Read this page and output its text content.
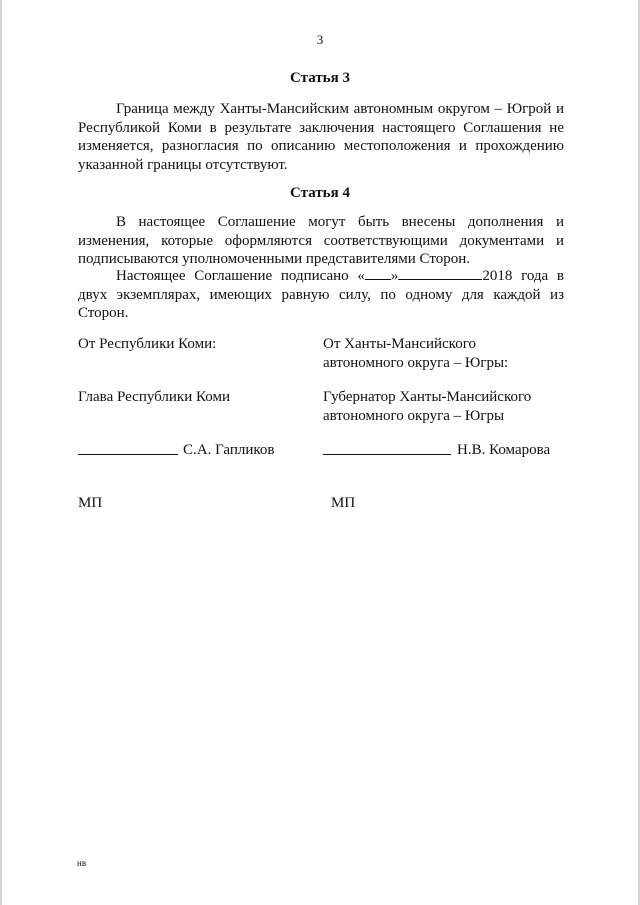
3
Статья 3

Граница между Ханты-Мансийским автономным округом – Югрой и Республикой Коми в результате заключения настоящего Соглашения не изменяется, разногласия по описанию местоположения и прохождению указанной границы отсутствуют.

Статья 4

В настоящее Соглашение могут быть внесены дополнения и изменения, которые оформляются соответствующими документами и подписываются уполномоченными представителями Сторон.

Настоящее Соглашение подписано « »	2018 года в двух экземплярах, имеющих равную силу, по одному для каждой из Сторон.

От Республики Коми:
Глава Республики Коми
С.А. Гапликов
МП
От Ханты-Мансийского
автономного округа – Югры:
Губернатор Ханты-Мансийского
автономного округа – Югры
Н.В. Комарова
МП
нв
